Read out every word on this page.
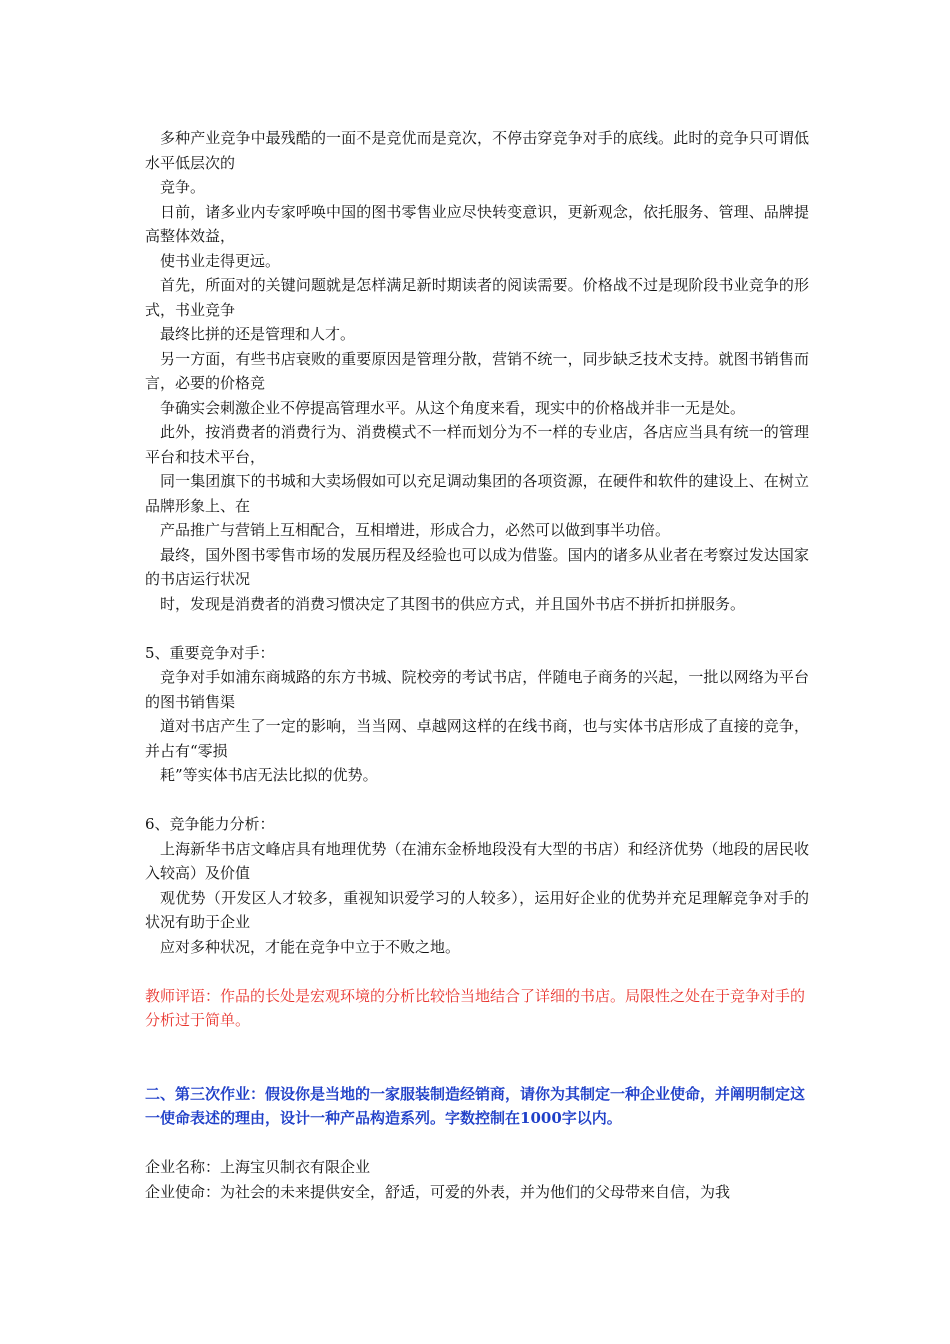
多种产业竞争中最残酷的一面不是竞优而是竞次，不停击穿竞争对手的底线。此时的竞争只可谓低水平低层次的

竞争。

日前，诸多业内专家呼唤中国的图书零售业应尽快转变意识，更新观念，依托服务、管理、品牌提高整体效益，

使书业走得更远。

首先，所面对的关键问题就是怎样满足新时期读者的阅读需要。价格战不过是现阶段书业竞争的形式，书业竞争

最终比拼的还是管理和人才。

另一方面，有些书店衰败的重要原因是管理分散，营销不统一，同步缺乏技术支持。就图书销售而言，必要的价格竞

争确实会刺激企业不停提高管理水平。从这个角度来看，现实中的价格战并非一无是处。

此外，按消费者的消费行为、消费模式不一样而划分为不一样的专业店，各店应当具有统一的管理平台和技术平台，

同一集团旗下的书城和大卖场假如可以充足调动集团的各项资源，在硬件和软件的建设上、在树立品牌形象上、在

产品推广与营销上互相配合，互相增进，形成合力，必然可以做到事半功倍。

最终，国外图书零售市场的发展历程及经验也可以成为借鉴。国内的诸多从业者在考察过发达国家的书店运行状况

时，发现是消费者的消费习惯决定了其图书的供应方式，并且国外书店不拼折扣拼服务。

5、重要竞争对手：

竞争对手如浦东商城路的东方书城、院校旁的考试书店，伴随电子商务的兴起，一批以网络为平台的图书销售渠

道对书店产生了一定的影响，当当网、卓越网这样的在线书商，也与实体书店形成了直接的竞争，并占有“零损

耗”等实体书店无法比拟的优势。

6、竞争能力分析：

上海新华书店文峰店具有地理优势（在浦东金桥地段没有大型的书店）和经济优势（地段的居民收入较高）及价值

观优势（开发区人才较多，重视知识爱学习的人较多），运用好企业的优势并充足理解竞争对手的状况有助于企业

应对多种状况，才能在竞争中立于不败之地。

教师评语：作品的长处是宏观环境的分析比较恰当地结合了详细的书店。局限性之处在于竞争对手的分析过于简单。

二、第三次作业：假设你是当地的一家服装制造经销商，请你为其制定一种企业使命，并阐明制定这一使命表述的理由，设计一种产品构造系列。字数控制在1000字以内。

企业名称：上海宝贝制衣有限企业

企业使命：为社会的未来提供安全，舒适，可爱的外表，并为他们的父母带来自信，为我
